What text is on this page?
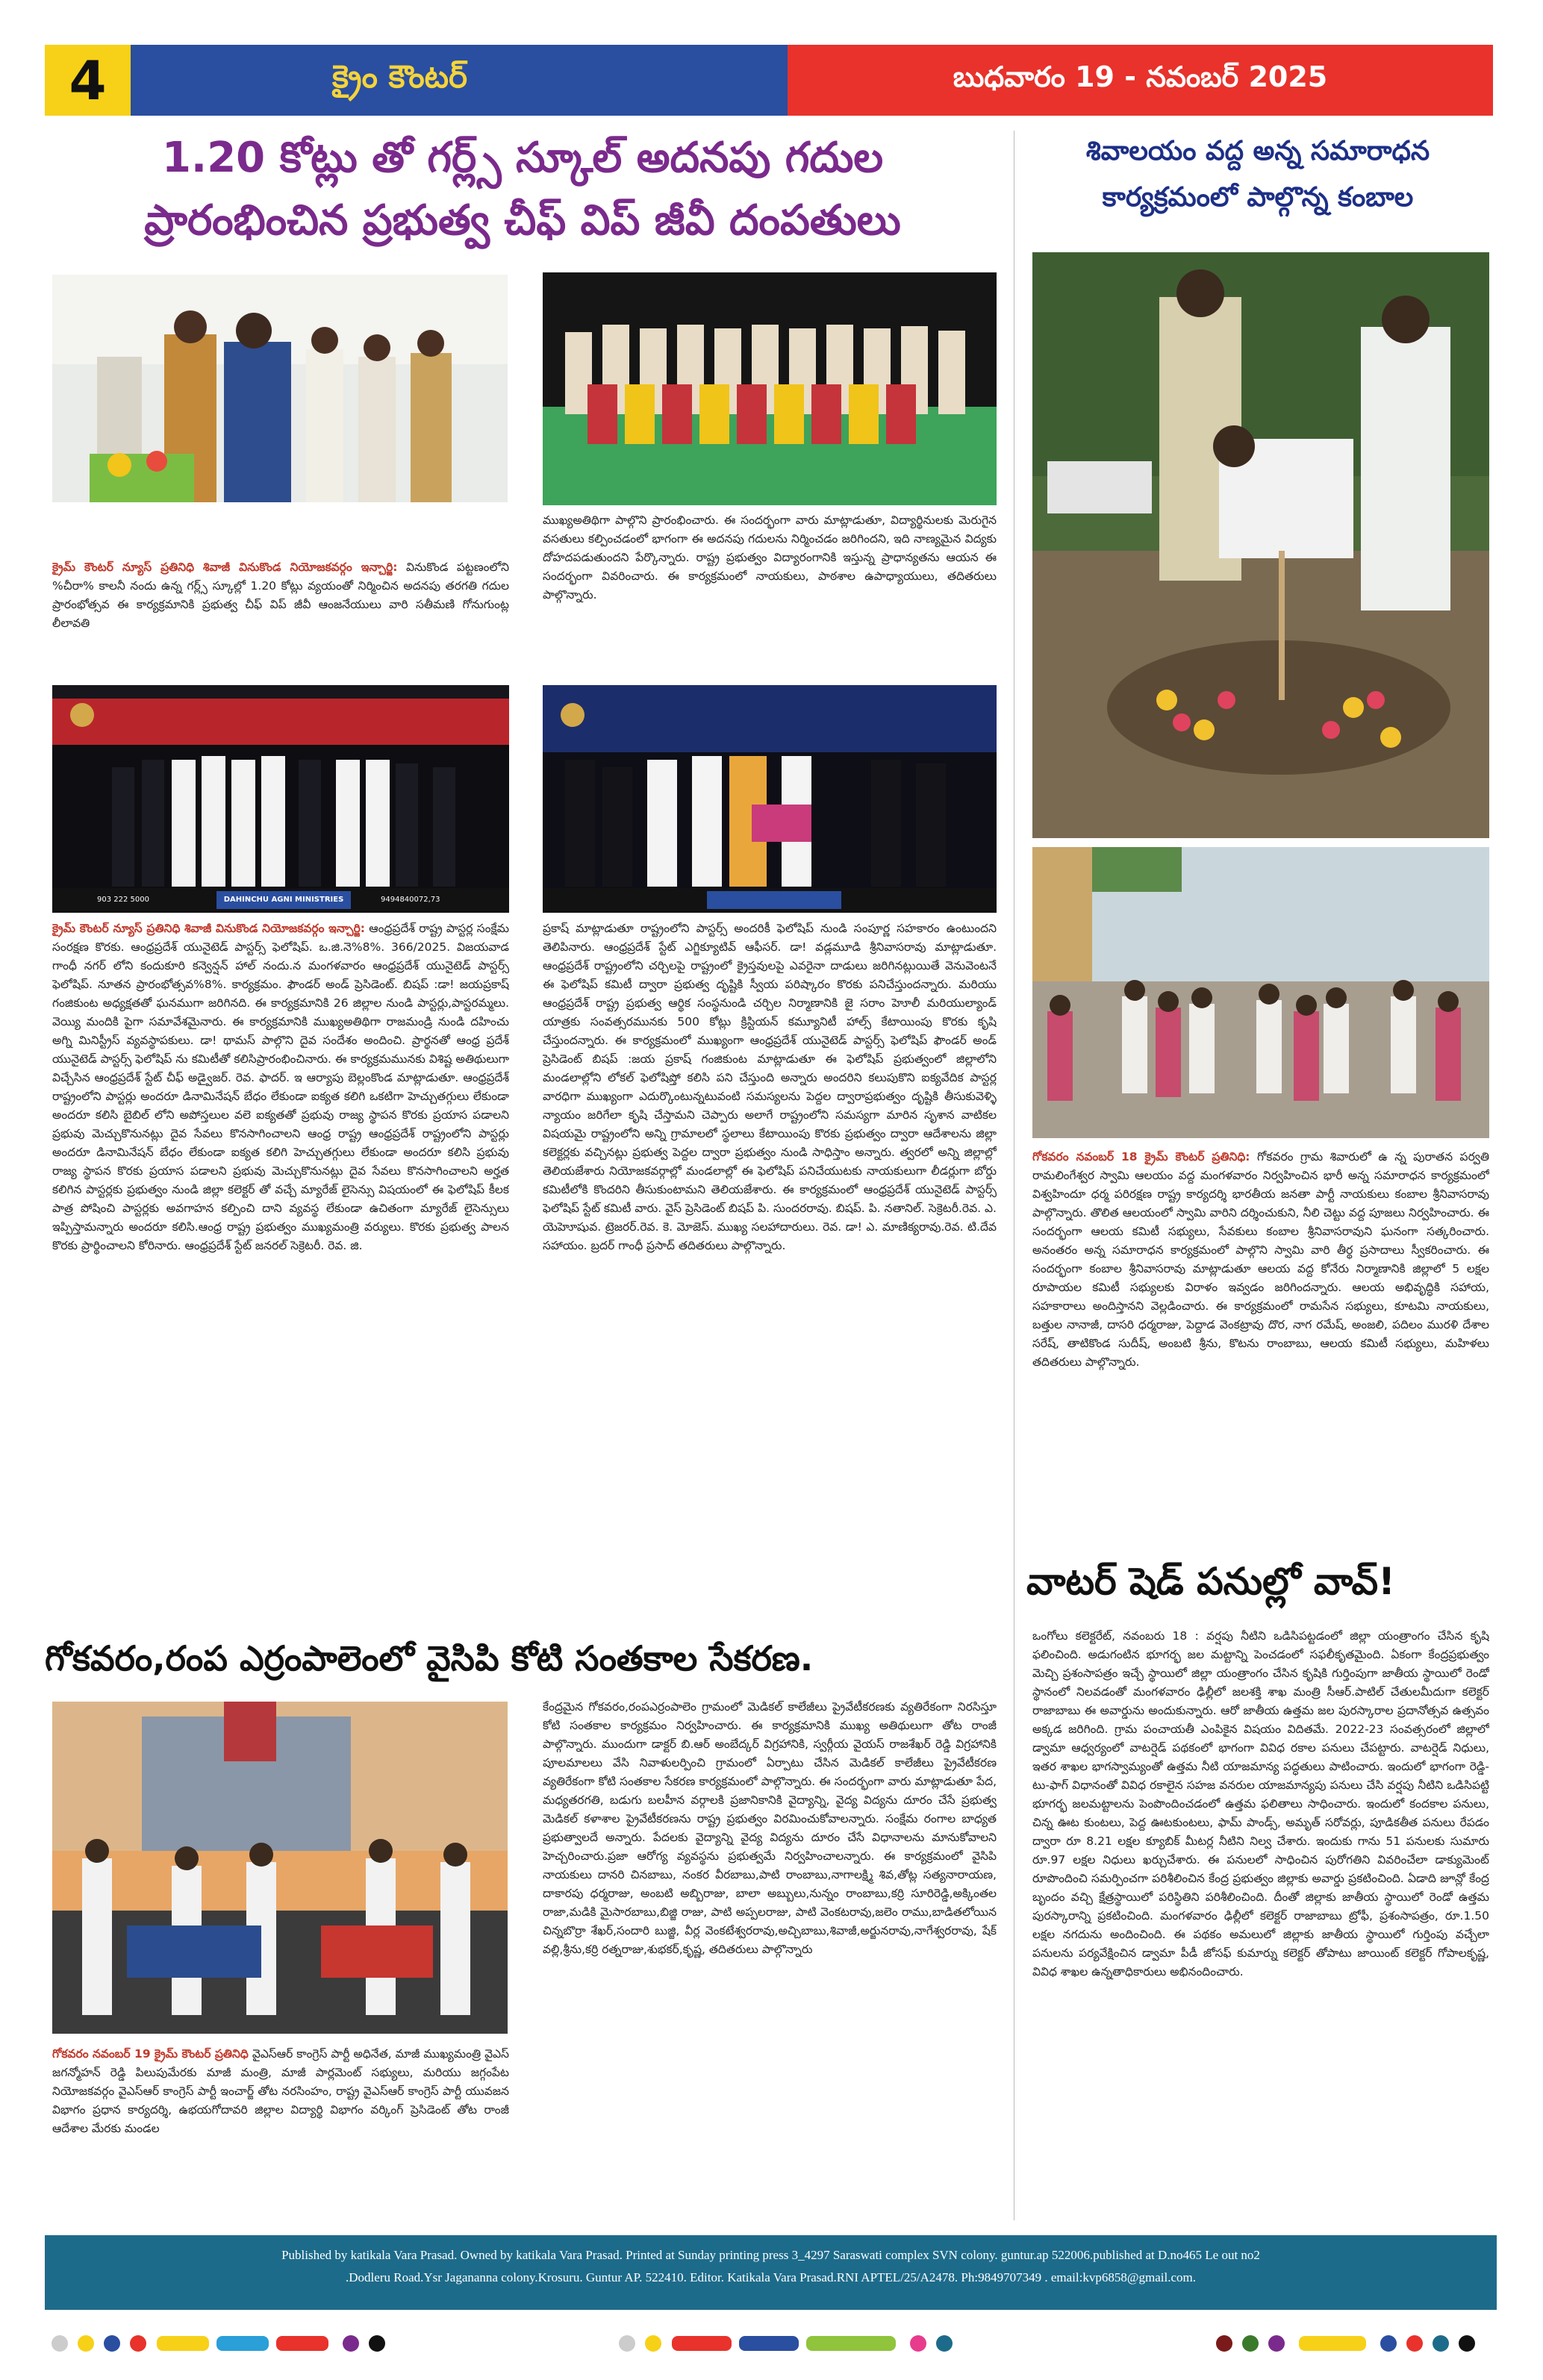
4	క్రైం కౌంటర్	బుధవారం 19 - నవంబర్ 2025
1.20 కోట్లు తో గర్ల్స్ స్కూల్ అదనపు గదుల
ప్రారంభించిన ప్రభుత్వ చీఫ్ విప్ జీవీ దంపతులు
శివాలయం వద్ద అన్న సమారాధన
కార్యక్రమంలో పాల్గొన్న కంబాల
క్రైమ్ కౌంటర్ న్యూస్ ప్రతినిధి శివాజీ వినుకొండ నియోజకవర్గం ఇన్చార్జి: వినుకొండ పట్టణంలోని %చీరా% కాలనీ నందు ఉన్న గర్ల్స్ స్కూల్లో 1.20 కోట్లు వ్యయంతో నిర్మించిన అదనపు తరగతి గదుల ప్రారంభోత్సవ ఈ కార్యక్రమానికి ప్రభుత్వ చీఫ్ విప్ జీవీ ఆంజనేయులు వారి సతీమణి గోనుగుంట్ల లీలావతి
ముఖ్యఅతిథిగా పాల్గొని ప్రారంభించారు. ఈ సందర్భంగా వారు మాట్లాడుతూ, విద్యార్థినులకు మెరుగైన వసతులు కల్పించడంలో భాగంగా ఈ అదనపు గదులను నిర్మించడం జరిగిందని, ఇది నాణ్యమైన విద్యకు దోహదపడుతుందని పేర్కొన్నారు. రాష్ట్ర ప్రభుత్వం విద్యారంగానికి ఇస్తున్న ప్రాధాన్యతను ఆయన ఈ సందర్భంగా వివరించారు. ఈ కార్యక్రమంలో నాయకులు, పాఠశాల ఉపాధ్యాయులు, తదితరులు పాల్గొన్నారు.
DAHINCHU AGNI MINISTRIES
903 222 5000	9494840072,73
క్రైమ్ కౌంటర్ న్యూస్ ప్రతినిధి శివాజీ వినుకొండ నియోజకవర్గం ఇన్చార్జి: ఆంధ్రప్రదేశ్ రాష్ట్ర పాస్టర్ల సంక్షేమ సంరక్షణ కొరకు. ఆంధ్రప్రదేశ్ యునైటెడ్ పాస్టర్స్ ఫెలోషిప్. ఒ.జి.నె%8%. 366/2025. విజయవాడ గాంధీ నగర్ లోని కందుకూరి కన్వెన్షన్ హాల్ నందు.న మంగళవారం ఆంధ్రప్రదేశ్ యునైటెడ్ పాస్టర్స్ ఫెలోషిప్. నూతన ప్రారంభోత్సవ%8%. కార్యక్రమం. ఫౌండర్ అండ్ ప్రెసిడెంట్. బిషప్ :డా! జయప్రకాష్ గంజికుంట అధ్యక్షతతో ఘనముగా జరిగినది. ఈ కార్యక్రమానికి 26 జిల్లాల నుండి పాస్టర్లు,పాస్టరమ్మలు. వెయ్యి మందికి పైగా సమావేశమైనారు. ఈ కార్యక్రమానికి ముఖ్యఅతిథిగా రాజమండ్రి నుండి దహించు అగ్ని మినిస్ట్రీస్ వ్యవస్థాపకులు. డా! థామస్ పాల్గొని దైవ సందేశం అందించి. ప్రార్థనతో ఆంధ్ర ప్రదేశ్ యునైటెడ్ పాస్టర్స్ ఫెలోషిప్ ను కమిటీతో కలిసిప్రారంభించినారు. ఈ కార్యక్రమమునకు విశిష్ట అతిథులుగా విచ్చేసిన ఆంధ్రప్రదేశ్ స్టేట్ చీఫ్ అడ్వైజర్. రెవ. ఫాదర్. ఇ ఆర్యాపు బెల్లంకొండ మాట్లాడుతూ. ఆంధ్రప్రదేశ్ రాష్ట్రంలోని పాస్టర్లు అందరూ డినామినేషన్ బేధం లేకుండా ఐక్యత కలిగి ఒకటిగా హెచ్చుతగ్గులు లేకుండా అందరూ కలిసి బైబిల్ లోని అపోస్తలుల వలె ఐక్యతతో ప్రభువు రాజ్య స్థాపన కొరకు ప్రయాస పడాలని ప్రభువు మెచ్చుకొనునట్లు దైవ సేవలు కొనసాగించాలని ఆంధ్ర రాష్ట్ర ఆంధ్రప్రదేశ్ రాష్ట్రంలోని పాస్టర్లు అందరూ డినామినేషన్ బేధం లేకుండా ఐక్యత కలిగి హెచ్చుతగ్గులు లేకుండా అందరూ కలిసి ప్రభువు రాజ్య స్థాపన కొరకు ప్రయాస పడాలని ప్రభువు మెచ్చుకొనునట్లు దైవ సేవలు కొనసాగించాలని అర్హత కలిగిన పాస్టర్లకు ప్రభుత్వం నుండి జిల్లా కలెక్టర్ తో వచ్చే మ్యారేజ్ లైసెన్సు విషయంలో ఈ ఫెలోషిప్ కీలక పాత్ర పోషించి పాస్టర్లకు అవగాహన కల్పించి దాని వ్యవస్థ లేకుండా ఉచితంగా మ్యారేజ్ లైసెన్సులు ఇప్పిస్తామన్నారు అందరూ కలిసి.ఆంధ్ర రాష్ట్ర ప్రభుత్వం ముఖ్యమంత్రి వర్యులు. కొరకు ప్రభుత్వ పాలన కొరకు ప్రార్థించాలని కోరినారు. ఆంధ్రప్రదేశ్ స్టేట్ జనరల్ సెక్రెటరీ. రెవ. జి.
ప్రకాష్ మాట్లాడుతూ రాష్ట్రంలోని పాస్టర్స్ అందరికీ ఫెలోషిప్ నుండి సంపూర్ణ సహకారం ఉంటుందని తెలిపినారు. ఆంధ్రప్రదేశ్ స్టేట్ ఎగ్జిక్యూటివ్ ఆఫీసర్. డా! వడ్లమూడి శ్రీనివాసరావు మాట్లాడుతూ. ఆంధ్రప్రదేశ్ రాష్ట్రంలోని చర్చిలపై రాష్ట్రంలో క్రైస్తవులపై ఎవరైనా దాడులు జరిగినట్లుయితే వెనువెంటనే ఈ ఫెలోషిప్ కమిటీ ద్వారా ప్రభుత్వ దృష్టికి స్వీయ పరిష్కారం కొరకు పనిచేస్తుందన్నారు. మరియు ఆంధ్రప్రదేశ్ రాష్ట్ర ప్రభుత్వ ఆర్థిక సంస్థనుండి చర్చిల నిర్మాణానికి జై సరాం హెూలీ మరియుల్యాండ్ యాత్రకు సంవత్సరమునకు 500 కోట్లు క్రిస్టియన్ కమ్యూనిటీ హాల్స్ కేటాయింపు కొరకు కృషి చేస్తుందన్నారు. ఈ కార్యక్రమంలో ముఖ్యంగా ఆంధ్రప్రదేశ్ యునైటెడ్ పాస్టర్స్ ఫెలోషిప్ ఫౌండర్ అండ్ ప్రెసిడెంట్ బిషప్ :జయ ప్రకాష్ గంజికుంట మాట్లాడుతూ ఈ ఫెలోషిప్ ప్రభుత్వంలో జిల్లాలోని మండలాల్లోని లోకల్ ఫెలోషిప్తో కలిసి పని చేస్తుంది అన్నారు అందరిని కలుపుకొని ఐక్యవేదిక పాస్టర్ల వారధిగా ముఖ్యంగా ఎదుర్కొంటున్నటువంటి సమస్యలను పెద్దల ద్వారాప్రభుత్వం దృష్టికి తీసుకువెళ్ళి న్యాయం జరిగేలా కృషి చేస్తామని చెప్పారు అలాగే రాష్ట్రంలోని సమస్యగా మారిన సృశాన వాటికల విషయమై రాష్ట్రంలోని అన్ని గ్రామాలలో స్థలాలు కేటాయింపు కొరకు ప్రభుత్వం ద్వారా ఆదేశాలను జిల్లా కలెక్టర్లకు వచ్చినట్లు ప్రభుత్వ పెద్దల ద్వారా ప్రభుత్వం నుండి సాధిస్తాం అన్నారు. త్వరలో అన్ని జిల్లాల్లో తెలియజేశారు నియోజకవర్గాల్లో మండలాల్లో ఈ ఫెలోషిప్ పనిచేయుటకు నాయకులుగా లీడర్లుగా బోర్డు కమిటీలోకి కొందరిని తీసుకుంటామని తెలియజేశారు. ఈ కార్యక్రమంలో ఆంధ్రప్రదేశ్ యునైటెడ్ పాస్టర్స్ ఫెలోషిప్ స్టేట్ కమిటీ వారు. వైస్ ప్రెసిడెంట్ బిషప్ పి. సుందరరావు. బిషప్. పి. నతానిల్. సెక్రెటరీ.రెవ. ఎ. యెహెూషువ. ట్రెజరర్.రెవ. కె. మోజెస్. ముఖ్య సలహాదారులు. రెవ. డా! ఎ. మాణిక్యరావు.రెవ. టి.దేవ సహాయం. బ్రదర్ గాంధీ ప్రసాద్ తదితరులు పాల్గొన్నారు.
గోకవరం నవంబర్ 18 క్రైమ్ కౌంటర్ ప్రతినిధి: గోకవరం గ్రామ శివారులో ఉ న్న పురాతన పర్వతి రామలింగేశ్వర స్వామి ఆలయం వద్ద మంగళవారం నిర్వహించిన భారీ అన్న సమారాధన కార్యక్రమంలో విశ్వహిందూ ధర్మ పరిరక్షణ రాష్ట్ర కార్యదర్శి భారతీయ జనతా పార్టీ నాయకులు కంబాల శ్రీనివాసరావు పాల్గొన్నారు. తొలిత ఆలయంలో స్వామి వారిని దర్శించుకుని, నీలి చెట్టు వద్ద పూజలు నిర్వహించారు. ఈ సందర్భంగా ఆలయ కమిటీ సభ్యులు, సేవకులు కంబాల శ్రీనివాసరావుని ఘనంగా సత్కరించారు. అనంతరం అన్న సమారాధన కార్యక్రమంలో పాల్గొని స్వామి వారి తీర్థ ప్రసాదాలు స్వీకరించారు. ఈ సందర్భంగా కంబాల శ్రీనివాసరావు మాట్లాడుతూ ఆలయ వద్ద కోనేరు నిర్మాణానికి జిల్లాలో 5 లక్షల రూపాయల కమిటీ సభ్యులకు విరాళం ఇవ్వడం జరిగిందన్నారు. ఆలయ అభివృద్ధికి సహాయ, సహకారాలు అందిస్తానని వెల్లడించారు. ఈ కార్యక్రమంలో రామసేన సభ్యులు, కూటమి నాయకులు, బత్తుల నానాజీ, దాసరి ధర్మరాజు, పెద్దాడ వెంకట్రావు దొర, నాగ రమేష్, అంజలి, పదిలం మురళి దేశాల సరేష్, తాటికొండ సుదీష్, అంబటి శ్రీను, కొటను రాంబాబు, ఆలయ కమిటీ సభ్యులు, మహిళలు తదితరులు పాల్గొన్నారు.
గోకవరం,రంప ఎర్రంపాలెంలో వైసిపి కోటి సంతకాల సేకరణ.
గోకవరం నవంబర్ 19 క్రైమ్ కౌంటర్ ప్రతినిధి వైఎస్ఆర్ కాంగ్రెస్ పార్టీ అధినేత, మాజీ ముఖ్యమంత్రి వైఎస్ జగన్మోహన్ రెడ్డి పిలుపుమేరకు మాజీ మంత్రి, మాజీ పార్లమెంట్ సభ్యులు, మరియు జగ్గంపేట నియోజకవర్గం వైఎస్ఆర్ కాంగ్రెస్ పార్టీ ఇంచార్జ్ తోట నరసింహం, రాష్ట్ర వైఎస్ఆర్ కాంగ్రెస్ పార్టీ యువజన విభాగం ప్రధాన కార్యదర్శి, ఉభయగోదావరి జిల్లాల విద్యార్థి విభాగం వర్కింగ్ ప్రెసిడెంట్ తోట రాంజీ ఆదేశాల మేరకు మండల
కేంద్రమైన గోకవరం,రంపఎర్రంపాలెం గ్రామంలో మెడికల్ కాలేజీలు ప్రైవేటీకరణకు వ్యతిరేకంగా నిరసిస్తూ కోటి సంతకాల కార్యక్రమం నిర్వహించారు. ఈ కార్యక్రమానికి ముఖ్య అతిథులుగా తోట రాంజీ పాల్గొన్నారు. ముందుగా డాక్టర్ బి.ఆర్ అంబేద్కర్ విగ్రహానికి, స్వర్గీయ వైయస్ రాజశేఖర్ రెడ్డి విగ్రహానికి పూలమాలలు వేసి నివాళులర్పించి గ్రామంలో ఏర్పాటు చేసిన మెడికల్ కాలేజీలు ప్రైవేటీకరణ వ్యతిరేకంగా కోటి సంతకాల సేకరణ కార్యక్రమంలో పాల్గొన్నారు. ఈ సందర్భంగా వారు మాట్లాడుతూ పేద, మధ్యతరగతి, బడుగు బలహీన వర్గాలకి ప్రజానికానికి వైద్యాన్ని, వైద్య విద్యను దూరం చేసే ప్రభుత్వ మెడికల్ కళాశాల ప్రైవేటీకరణను రాష్ట్ర ప్రభుత్వం విరమించుకోవాలన్నారు. సంక్షేమ రంగాల బాధ్యత ప్రభుత్వాలదే అన్నారు. పేదలకు వైద్యాన్ని వైద్య విద్యను దూరం చేసే విధానాలను మానుకోవాలని హెచ్చరించారు.ప్రజా ఆరోగ్య వ్యవస్థను ప్రభుత్వమే నిర్వహించాలన్నారు. ఈ కార్యక్రమంలో వైసిపి నాయకులు దానరి చినబాబు, నంకర వీరబాబు,పాటి రాంబాబు,నాగాలక్ష్మి శివ,తోట్ల సత్యనారాయణ, దాకారపు ధర్మరాజు, అంబటి అబ్బిరాజు, బాలా అబ్బులు,నున్నం రాంబాబు,కర్రి సూరిరెడ్డి,అక్కింతల రాజా,మడికి మైసారబాబు,బిజ్జి రాజు, పాటి అప్పలరాజు, పాటి వెంకటరావు,జలెం రాము,బాడితలోయిన చిన్నబొర్రా శేఖర్,సందారి బుజ్జి, వీర్ల వెంకటేశ్వరరావు,అచ్చిబాబు,శివాజీ,అర్జునరావు,నాగేశ్వరరావు, షేక్ వల్లి,శ్రీను,కర్రి రత్నరాజు,శుభకర్,కృష్ణ, తదితరులు పాల్గొన్నారు
వాటర్ షెడ్ పనుల్లో వావ్!
ఒంగోలు కలెక్టరేట్, నవంబరు 18 : వర్షపు నీటిని ఒడిసిపట్టడంలో జిల్లా యంత్రాంగం చేసిన కృషి ఫలించింది. అడుగంటిన భూగర్భ జల మట్టాన్ని పెంచడంలో సఫలీకృతమైంది. ఏకంగా కేంద్రప్రభుత్వం మెచ్చి ప్రశంసాపత్రం ఇచ్చే స్థాయిలో జిల్లా యంత్రాంగం చేసిన కృషికి గుర్తింపుగా జాతీయ స్థాయిలో రెండో స్థానంలో నిలవడంతో మంగళవారం ఢిల్లీలో జలశక్తి శాఖ మంత్రి సీఆర్.పాటిల్ చేతులమీదుగా కలెక్టర్ రాజాబాబు ఈ అవార్డును అందుకున్నారు. ఆరో జాతీయ ఉత్తమ జల పురస్కారాల ప్రదానోత్సవ ఉత్సవం అక్కడ జరిగింది. గ్రామ పంచాయతీ ఎంపికైన విషయం విదితమే. 2022-23 సంవత్సరంలో జిల్లాలో డ్వామా ఆధ్వర్యంలో వాటర్షెడ్ పథకంలో భాగంగా వివిధ రకాల పనులు చేపట్టారు. వాటర్షెడ్ నిధులు, ఇతర శాఖల భాగస్వామ్యంతో ఉత్తమ నీటి యాజమాన్య పద్ధతులు పాటించారు. ఇందులో భాగంగా రెడ్డి-టు-ఫాగ్ విధానంతో వివిధ రకాలైన సహజ వనరుల యాజమాన్యపు పనులు చేసి వర్షపు నీటిని ఒడిసిపట్టి భూగర్భ జలమట్టాలను పెంపొందించడంలో ఉత్తమ ఫలితాలు సాధించారు. ఇందులో కందకాల పనులు, చిన్న ఊట కుంటలు, పెద్ద ఊటకుంటలు, ఫామ్ పాండ్స్, అమృత్ సరోవర్లు, పూడికతీత పనులు రేపడం ద్వారా రూ 8.21 లక్షల క్యూబిక్ మీటర్ల నీటిని నిల్వ చేశారు. ఇందుకు గాను 51 పనులకు సుమారు రూ.97 లక్షల నిధులు ఖర్చుచేశారు. ఈ పనులలో సాధించిన పురోగతిని వివరించేలా డాక్యుమెంట్ రూపొందించి సమర్పించగా పరిశీలించిన కేంద్ర ప్రభుత్వం జిల్లాకు అవార్డు ప్రకటించింది. ఏడాది జూన్లో కేంద్ర బృందం వచ్చి క్షేత్రస్థాయిలో పరిస్థితిని పరిశీలించింది. దీంతో జిల్లాకు జాతీయ స్థాయిలో రెండో ఉత్తమ పురస్కారాన్ని ప్రకటించింది. మంగళవారం ఢిల్లీలో కలెక్టర్ రాజాబాబు ట్రోఫీ, ప్రశంసాపత్రం, రూ.1.50 లక్షల నగదును అందించింది. ఈ పథకం అమలులో జిల్లాకు జాతీయ స్థాయిలో గుర్తింపు వచ్చేలా పనులను పర్యవేక్షించిన డ్వామా పీడీ జోసఫ్ కుమార్ను కలెక్టర్ తోపాటు జాయింట్ కలెక్టర్ గోపాలకృష్ణ, వివిధ శాఖల ఉన్నతాధికారులు అభినందించారు.
Published by katikala Vara Prasad. Owned by katikala Vara Prasad. Printed at Sunday printing press 3_4297 Saraswati complex SVN colony. guntur.ap 522006.published at D.no465 Le out no2
.Dodleru Road.Ysr Jagananna colony.Krosuru. Guntur AP. 522410. Editor. Katikala Vara Prasad.RNI APTEL/25/A2478. Ph:9849707349 . email:kvp6858@gmail.com.
